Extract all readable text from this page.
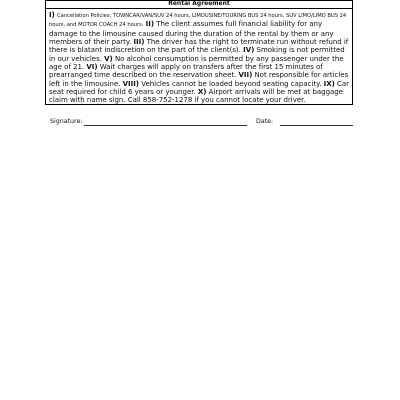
Rental Agreement
I) Cancellation Policies: TOWNCAR/VAN/SUV 24 hours, LIMOUSINE/TOURING BUS 24 hours, SUV LIMO/LIMO BUS 24 hours, and MOTOR COACH 24 hours. II) The client assumes full financial liability for any damage to the limousine caused during the duration of the rental by them or any members of their party. III) The driver has the right to terminate run without refund if there is blatant indiscretion on the part of the client(s). IV) Smoking is not permitted in our vehicles. V) No alcohol consumption is permitted by any passenger under the age of 21. VI) Wait charges will apply on transfers after the first 15 minutes of prearranged time described on the reservation sheet. VII) Not responsible for articles left in the limousine. VIII) Vehicles cannot be loaded beyond seating capacity. IX) Car seat required for child 6 years or younger. X) Airport arrivals will be met at baggage claim with name sign. Call 858-752-1278 if you cannot locate your driver.
Signature:	Date:
